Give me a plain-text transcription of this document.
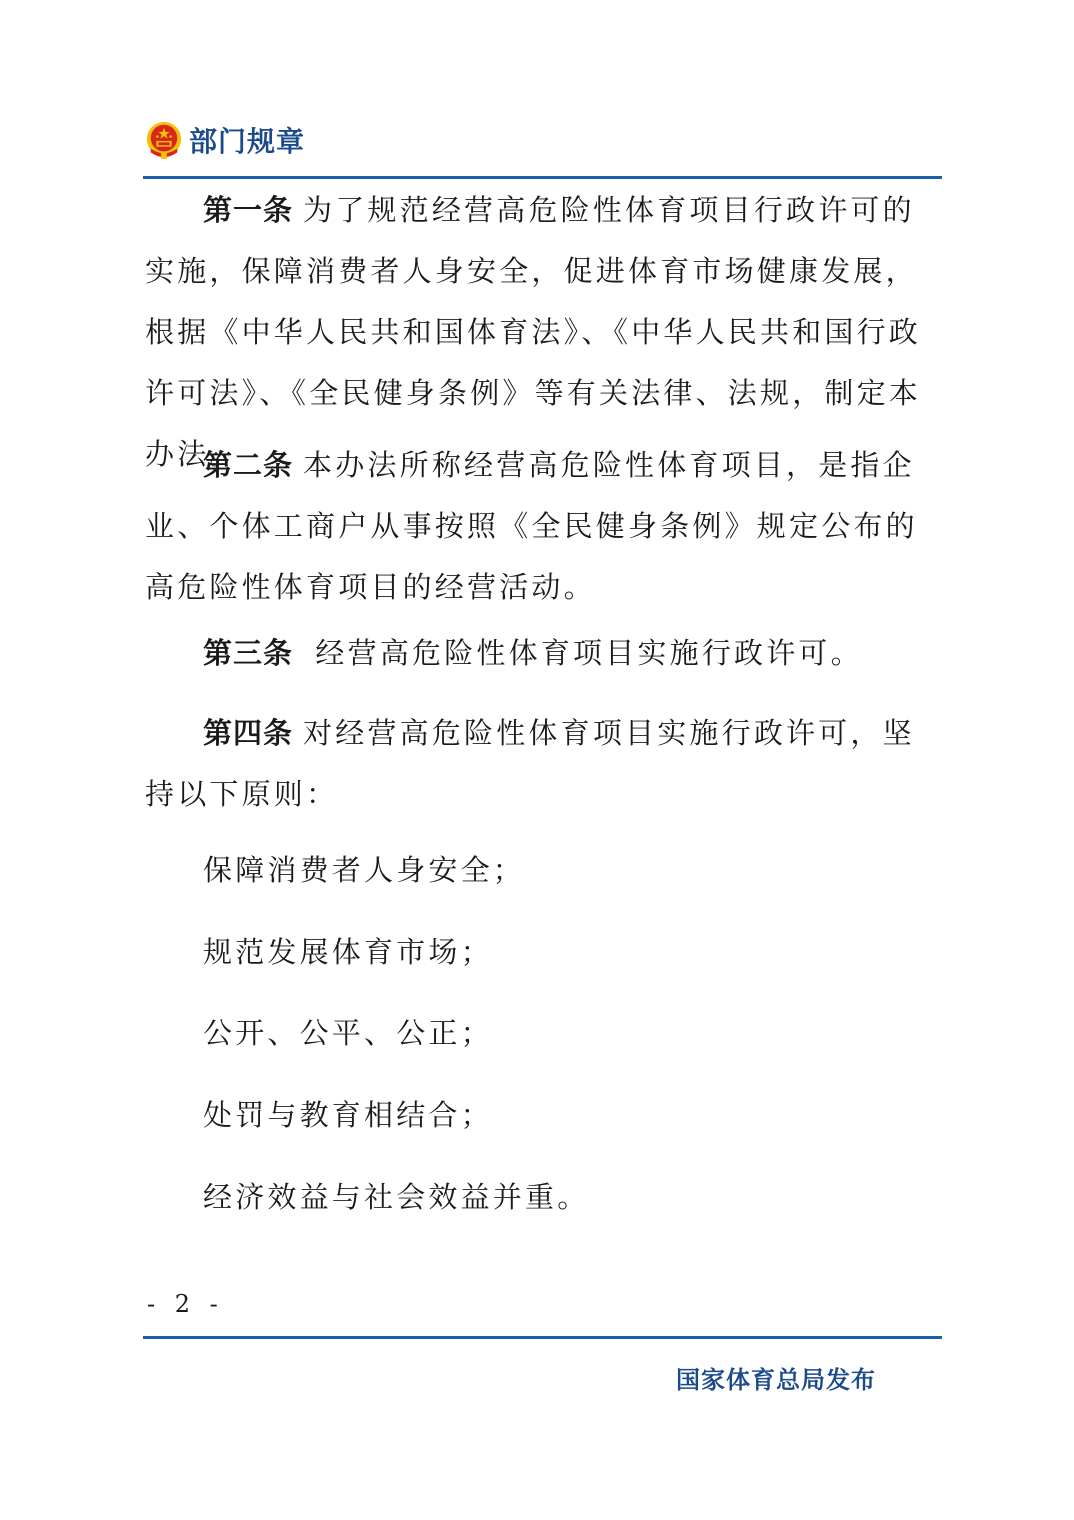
部门规章

第一条 为了规范经营高危险性体育项目行政许可的实施，保障消费者人身安全，促进体育市场健康发展，根据《中华人民共和国体育法》、《中华人民共和国行政许可法》、《全民健身条例》等有关法律、法规，制定本办法。

第二条 本办法所称经营高危险性体育项目，是指企业、个体工商户从事按照《全民健身条例》规定公布的高危险性体育项目的经营活动。

第三条 经营高危险性体育项目实施行政许可。

第四条 对经营高危险性体育项目实施行政许可，坚持以下原则：

保障消费者人身安全；
规范发展体育市场；
公开、公平、公正；
处罚与教育相结合；
经济效益与社会效益并重。
- 2 -
国家体育总局发布
